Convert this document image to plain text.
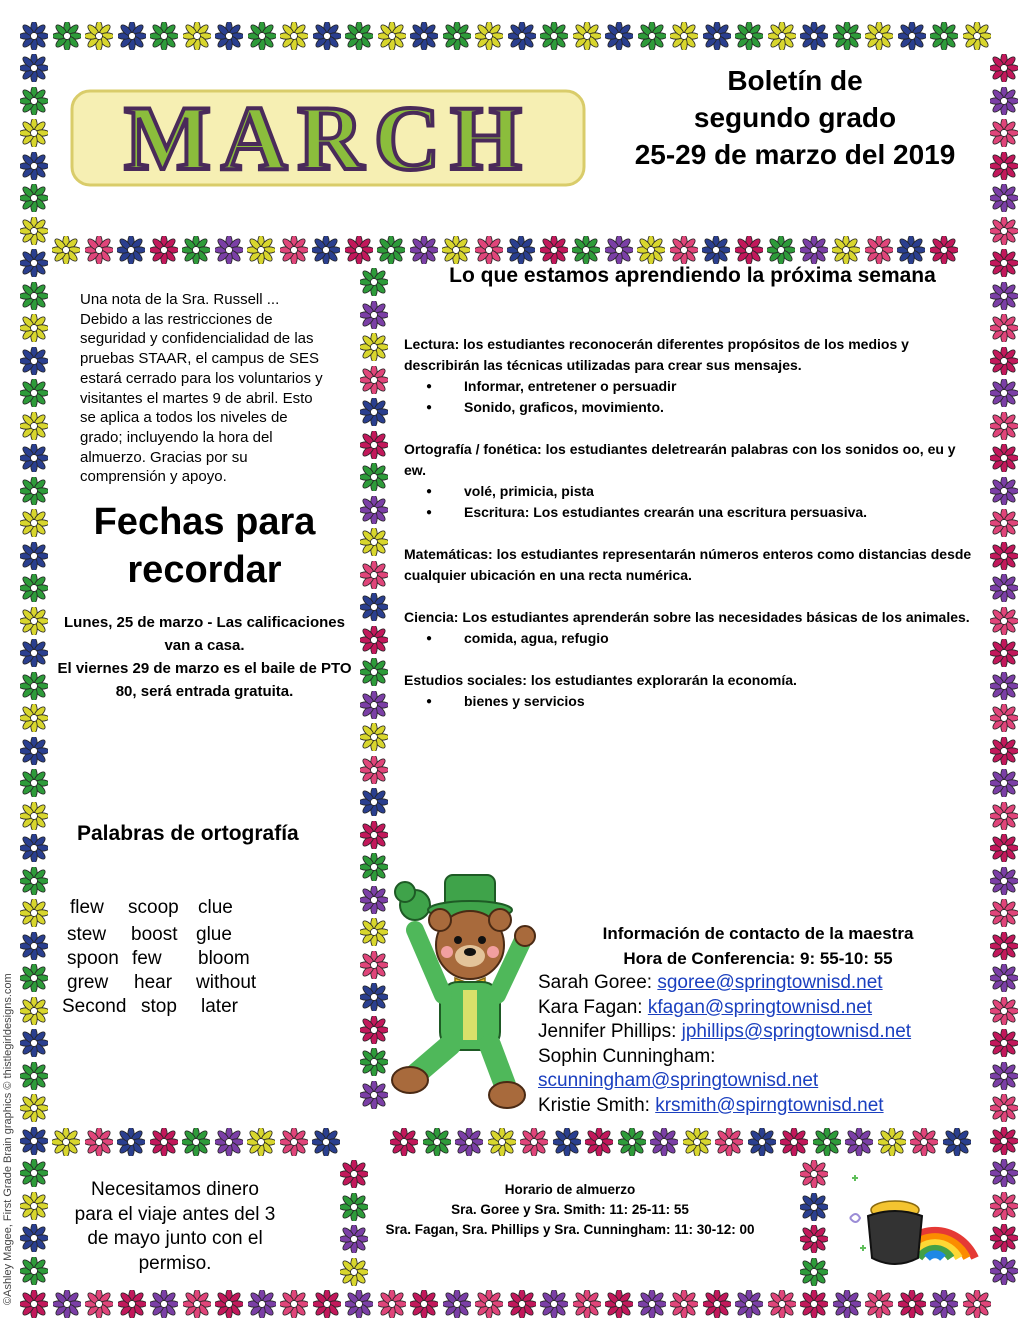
MARCH
Boletín de
segundo grado
25-29 de marzo del 2019
Lo que estamos aprendiendo la próxima semana

Lectura: los estudiantes reconocerán diferentes propósitos de los medios y describirán las técnicas utilizadas para crear sus mensajes.

● Informar, entretener o persuadir

● Sonido, graficos, movimiento.

Ortografía / fonética: los estudiantes deletrearán palabras con los sonidos oo, eu y ew.

● volé, primicia, pista

● Escritura: Los estudiantes crearán una escritura persuasiva.

Matemáticas: los estudiantes representarán números enteros como distancias desde cualquier ubicación en una recta numérica.

Ciencia: Los estudiantes aprenderán sobre las necesidades básicas de los animales.

● comida, agua, refugio

Estudios sociales: los estudiantes explorarán la economía.

● bienes y servicios

Una nota de la Sra. Russell ... Debido a las restricciones de seguridad y confidencialidad de las pruebas STAAR, el campus de SES estará cerrado para los voluntarios y visitantes el martes 9 de abril. Esto se aplica a todos los niveles de grado; incluyendo la hora del almuerzo. Gracias por su comprensión y apoyo.
Fechas para
recordar
Lunes, 25 de marzo - Las calificaciones van a casa.
El viernes 29 de marzo es el baile de PTO 80, será entrada gratuita.
Palabras de ortografía
flew scoop clue
stew boost glue
spoon few bloom
grew hear without
Second stop later
Información de contacto de la maestra
Hora de Conferencia: 9: 55-10: 55
Sarah Goree: sgoree@springtownisd.net
Kara Fagan: kfagan@springtownisd.net
Jennifer Phillips: jphillips@springtownisd.net
Sophin Cunningham:
scunningham@springtownisd.net
Kristie Smith: krsmith@spirngtownisd.net
Necesitamos dinero para el viaje antes del 3 de mayo junto con el permiso.
Horario de almuerzo
Sra. Goree y Sra. Smith: 11: 25-11: 55
Sra. Fagan, Sra. Phillips y Sra. Cunningham: 11: 30-12: 00
©Ashley Magee, First Grade Brain graphics © thistlegirldesigns.com
